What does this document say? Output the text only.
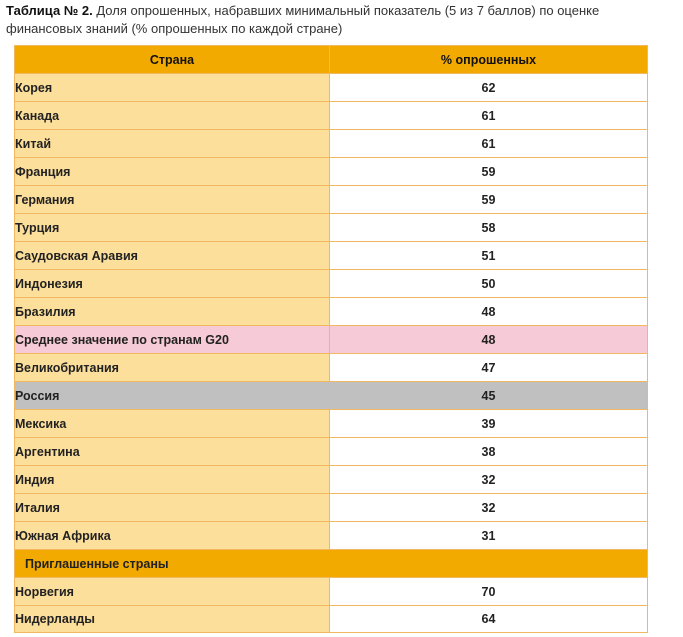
Таблица № 2. Доля опрошенных, набравших минимальный показатель (5 из 7 баллов) по оценке финансовых знаний (% опрошенных по каждой стране)
Страна	% опрошенных
Корея	62
Канада	61
Китай	61
Франция	59
Германия	59
Турция	58
Саудовская Аравия	51
Индонезия	50
Бразилия	48
Среднее значение по странам G20	48
Великобритания	47
Россия	45
Мексика	39
Аргентина	38
Индия	32
Италия	32
Южная Африка	31
Приглашенные страны	
Норвегия	70
Нидерланды	64
